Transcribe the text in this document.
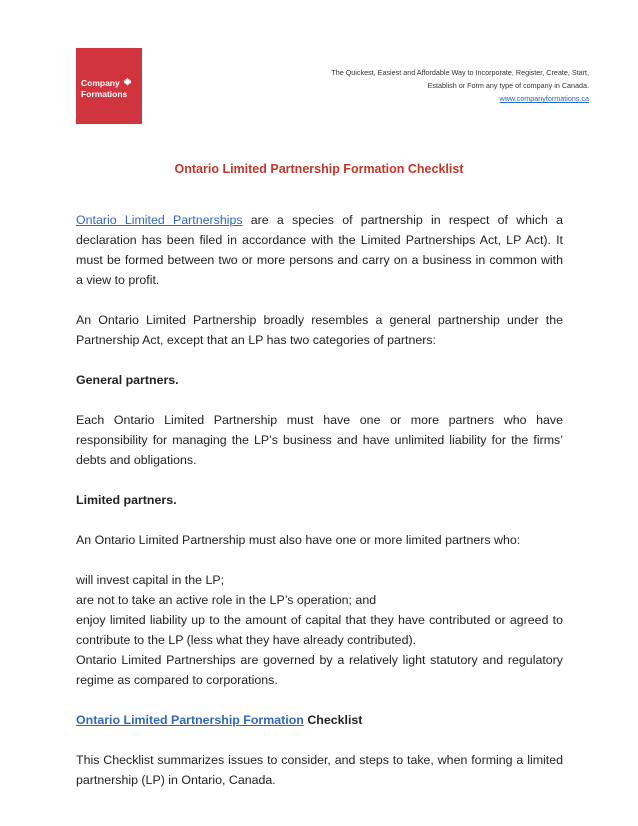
Company
Formations
The Quickest, Easiest and Affordable Way to Incorporate, Register, Create, Start,
Establish or Form any type of company in Canada.
www.companyformations.ca
Ontario Limited Partnership Formation Checklist

Ontario Limited Partnerships are a species of partnership in respect of which a declaration has been filed in accordance with the Limited Partnerships Act, LP Act). It must be formed between two or more persons and carry on a business in common with a view to profit.

An Ontario Limited Partnership broadly resembles a general partnership under the Partnership Act, except that an LP has two categories of partners:

General partners.

Each Ontario Limited Partnership must have one or more partners who have responsibility for managing the LP’s business and have unlimited liability for the firms’ debts and obligations.

Limited partners.

An Ontario Limited Partnership must also have one or more limited partners who:

will invest capital in the LP;

are not to take an active role in the LP’s operation; and

enjoy limited liability up to the amount of capital that they have contributed or agreed to contribute to the LP (less what they have already contributed).

Ontario Limited Partnerships are governed by a relatively light statutory and regulatory regime as compared to corporations.

Ontario Limited Partnership Formation Checklist

This Checklist summarizes issues to consider, and steps to take, when forming a limited partnership (LP) in Ontario, Canada.
